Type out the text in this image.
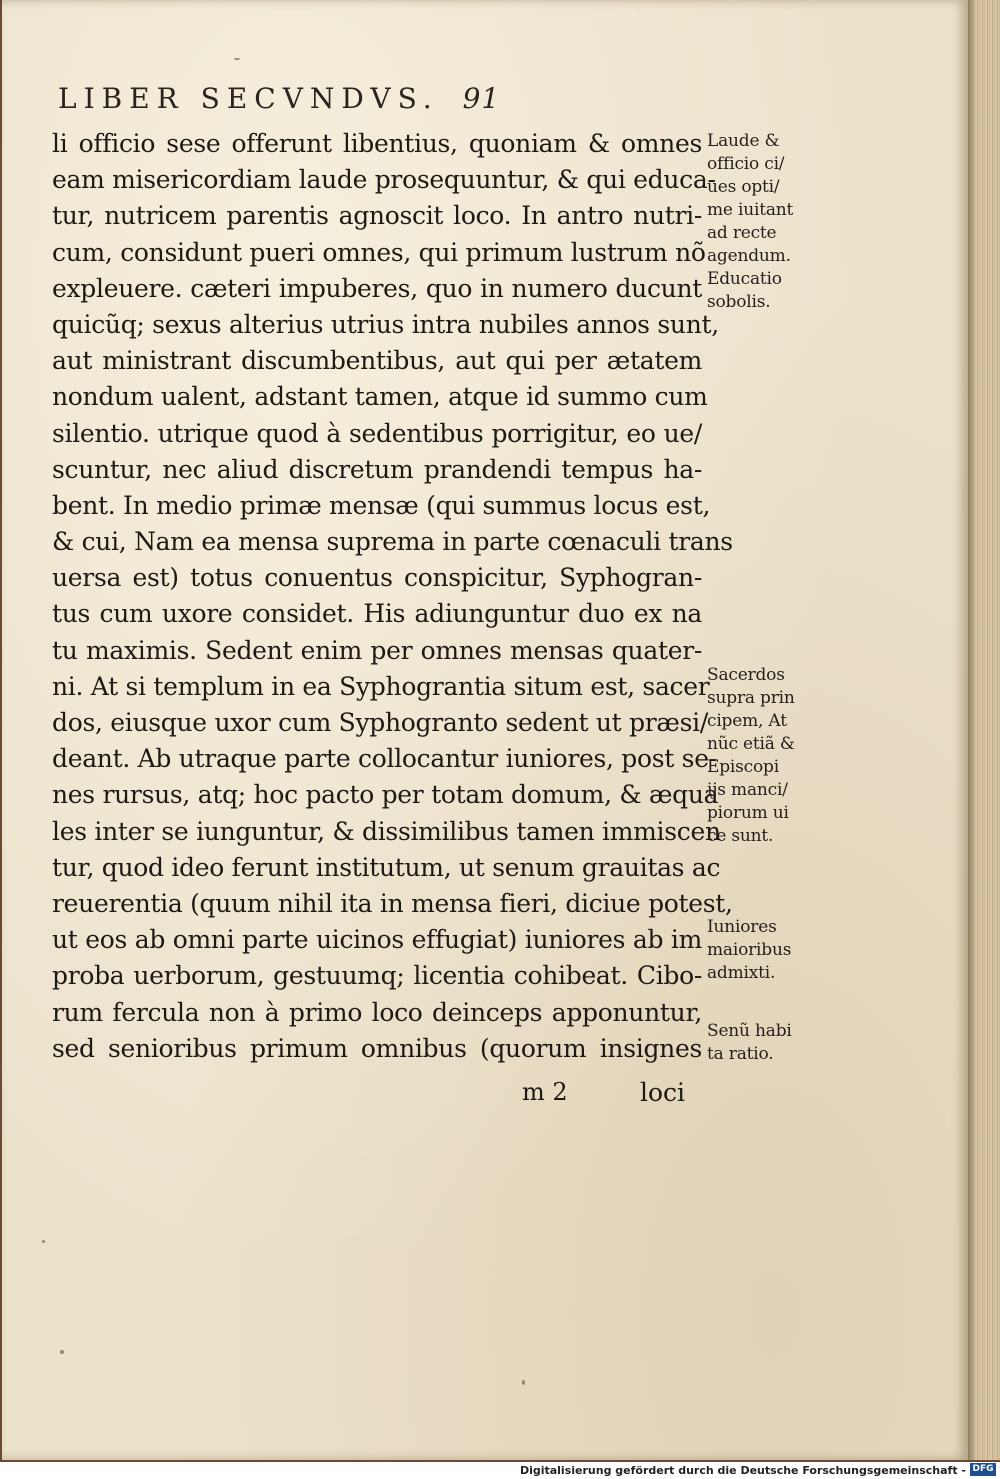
LIBER SECVNDVS. 91
li officio sese offerunt libentius, quoniam & omnes
eam misericordiam laude prosequuntur, & qui educa-
tur, nutricem parentis agnoscit loco. In antro nutri-
cum, considunt pueri omnes, qui primum lustrum nõ
expleuere. cæteri impuberes, quo in numero ducunt
quicũq; sexus alterius utrius intra nubiles annos sunt,
aut ministrant discumbentibus, aut qui per ætatem
nondum ualent, adstant tamen, atque id summo cum
silentio. utrique quod à sedentibus porrigitur, eo ue/
scuntur, nec aliud discretum prandendi tempus ha-
bent. In medio primæ mensæ (qui summus locus est,
& cui, Nam ea mensa suprema in parte cœnaculi trans
uersa est) totus conuentus conspicitur, Syphogran-
tus cum uxore considet. His adiunguntur duo ex na
tu maximis. Sedent enim per omnes mensas quater-
ni. At si templum in ea Syphograntia situm est, sacer
dos, eiusque uxor cum Syphogranto sedent ut præsi/
deant. Ab utraque parte collocantur iuniores, post se-
nes rursus, atq; hoc pacto per totam domum, & æqua
les inter se iunguntur, & dissimilibus tamen immiscen
tur, quod ideo ferunt institutum, ut senum grauitas ac
reuerentia (quum nihil ita in mensa fieri, diciue potest,
ut eos ab omni parte uicinos effugiat) iuniores ab im
proba uerborum, gestuumq; licentia cohibeat. Cibo-
rum fercula non à primo loco deinceps apponuntur,
sed senioribus primum omnibus (quorum insignes
Laude &
officio ci/
ues opti/
me iuitant
ad recte
agendum.
Educatio
sobolis.
Sacerdos
supra prin
cipem, At
nũc etiã &
Episcopi
ijs manci/
piorum ui
ce sunt.
Iuniores
maioribus
admixti.
Senũ habi
ta ratio.
m 2	loci
Digitalisierung gefördert durch die Deutsche Forschungsgemeinschaft - DFG
